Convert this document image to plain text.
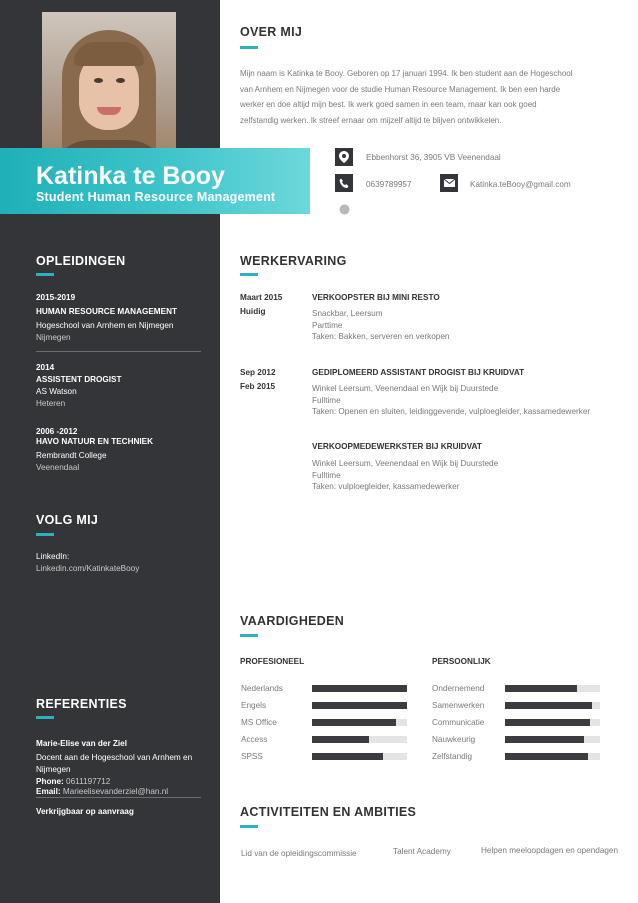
Katinka te Booy
Student Human Resource Management
OVER MIJ
Mijn naam is Katinka te Booy. Geboren op 17 januari 1994. Ik ben student aan de Hogeschool
van Arnhem en Nijmegen voor de studie Human Resource Management. Ik ben een harde
werker en doe altijd mijn best. Ik werk goed samen in een team, maar kan ook goed
zelfstandig werken. Ik streef ernaar om mijzelf altijd te blijven ontwikkelen.
Ebbenhorst 36, 3905 VB Veenendaal
0639789957	Katinka.teBooy@gmail.com
OPLEIDINGEN
2015-2019
HUMAN RESOURCE MANAGEMENT
Hogeschool van Arnhem en Nijmegen
Nijmegen
2014
ASSISTENT DROGIST
AS Watson
Heteren
2006 -2012
HAVO NATUUR EN TECHNIEK
Rembrandt College
Veenendaal
VOLG MIJ
LinkedIn:
Linkedin.com/KatinkateBooy
REFERENTIES
Marie-Elise van der Ziel
Docent aan de Hogeschool van Arnhem en
Nijmegen
Phone: 0611197712
Email: Marieelisevanderziel@han.nl
Verkrijgbaar op aanvraag
WERKERVARING
Maart 2015
Huidig
VERKOOPSTER BIJ MINI RESTO
Snackbar, Leersum
Parttime
Taken: Bakken, serveren en verkopen
Sep 2012
Feb 2015
GEDIPLOMEERD ASSISTANT DROGIST BIJ KRUIDVAT
Winkel Leersum, Veenendaal en Wijk bij Duurstede
Fulltime
Taken: Openen en sluiten, leidinggevende, vulploegleider, kassamedewerker
VERKOOPMEDEWERKSTER BIJ KRUIDVAT
Winkel Leersum, Veenendaal en Wijk bij Duurstede
Fulltime
Taken: vulploegleider, kassamedewerker
VAARDIGHEDEN
PROFESIONEEL	PERSOONLIJK
Nederlands
Engels
MS Office
Access
SPSS
Ondernemend
Samenwerken
Communicatie
Nauwkeurig
Zelfstandig
ACTIVITEITEN EN AMBITIES
Lid van de opleidingscommissie	Talent Academy	Helpen meeloopdagen en opendagen
